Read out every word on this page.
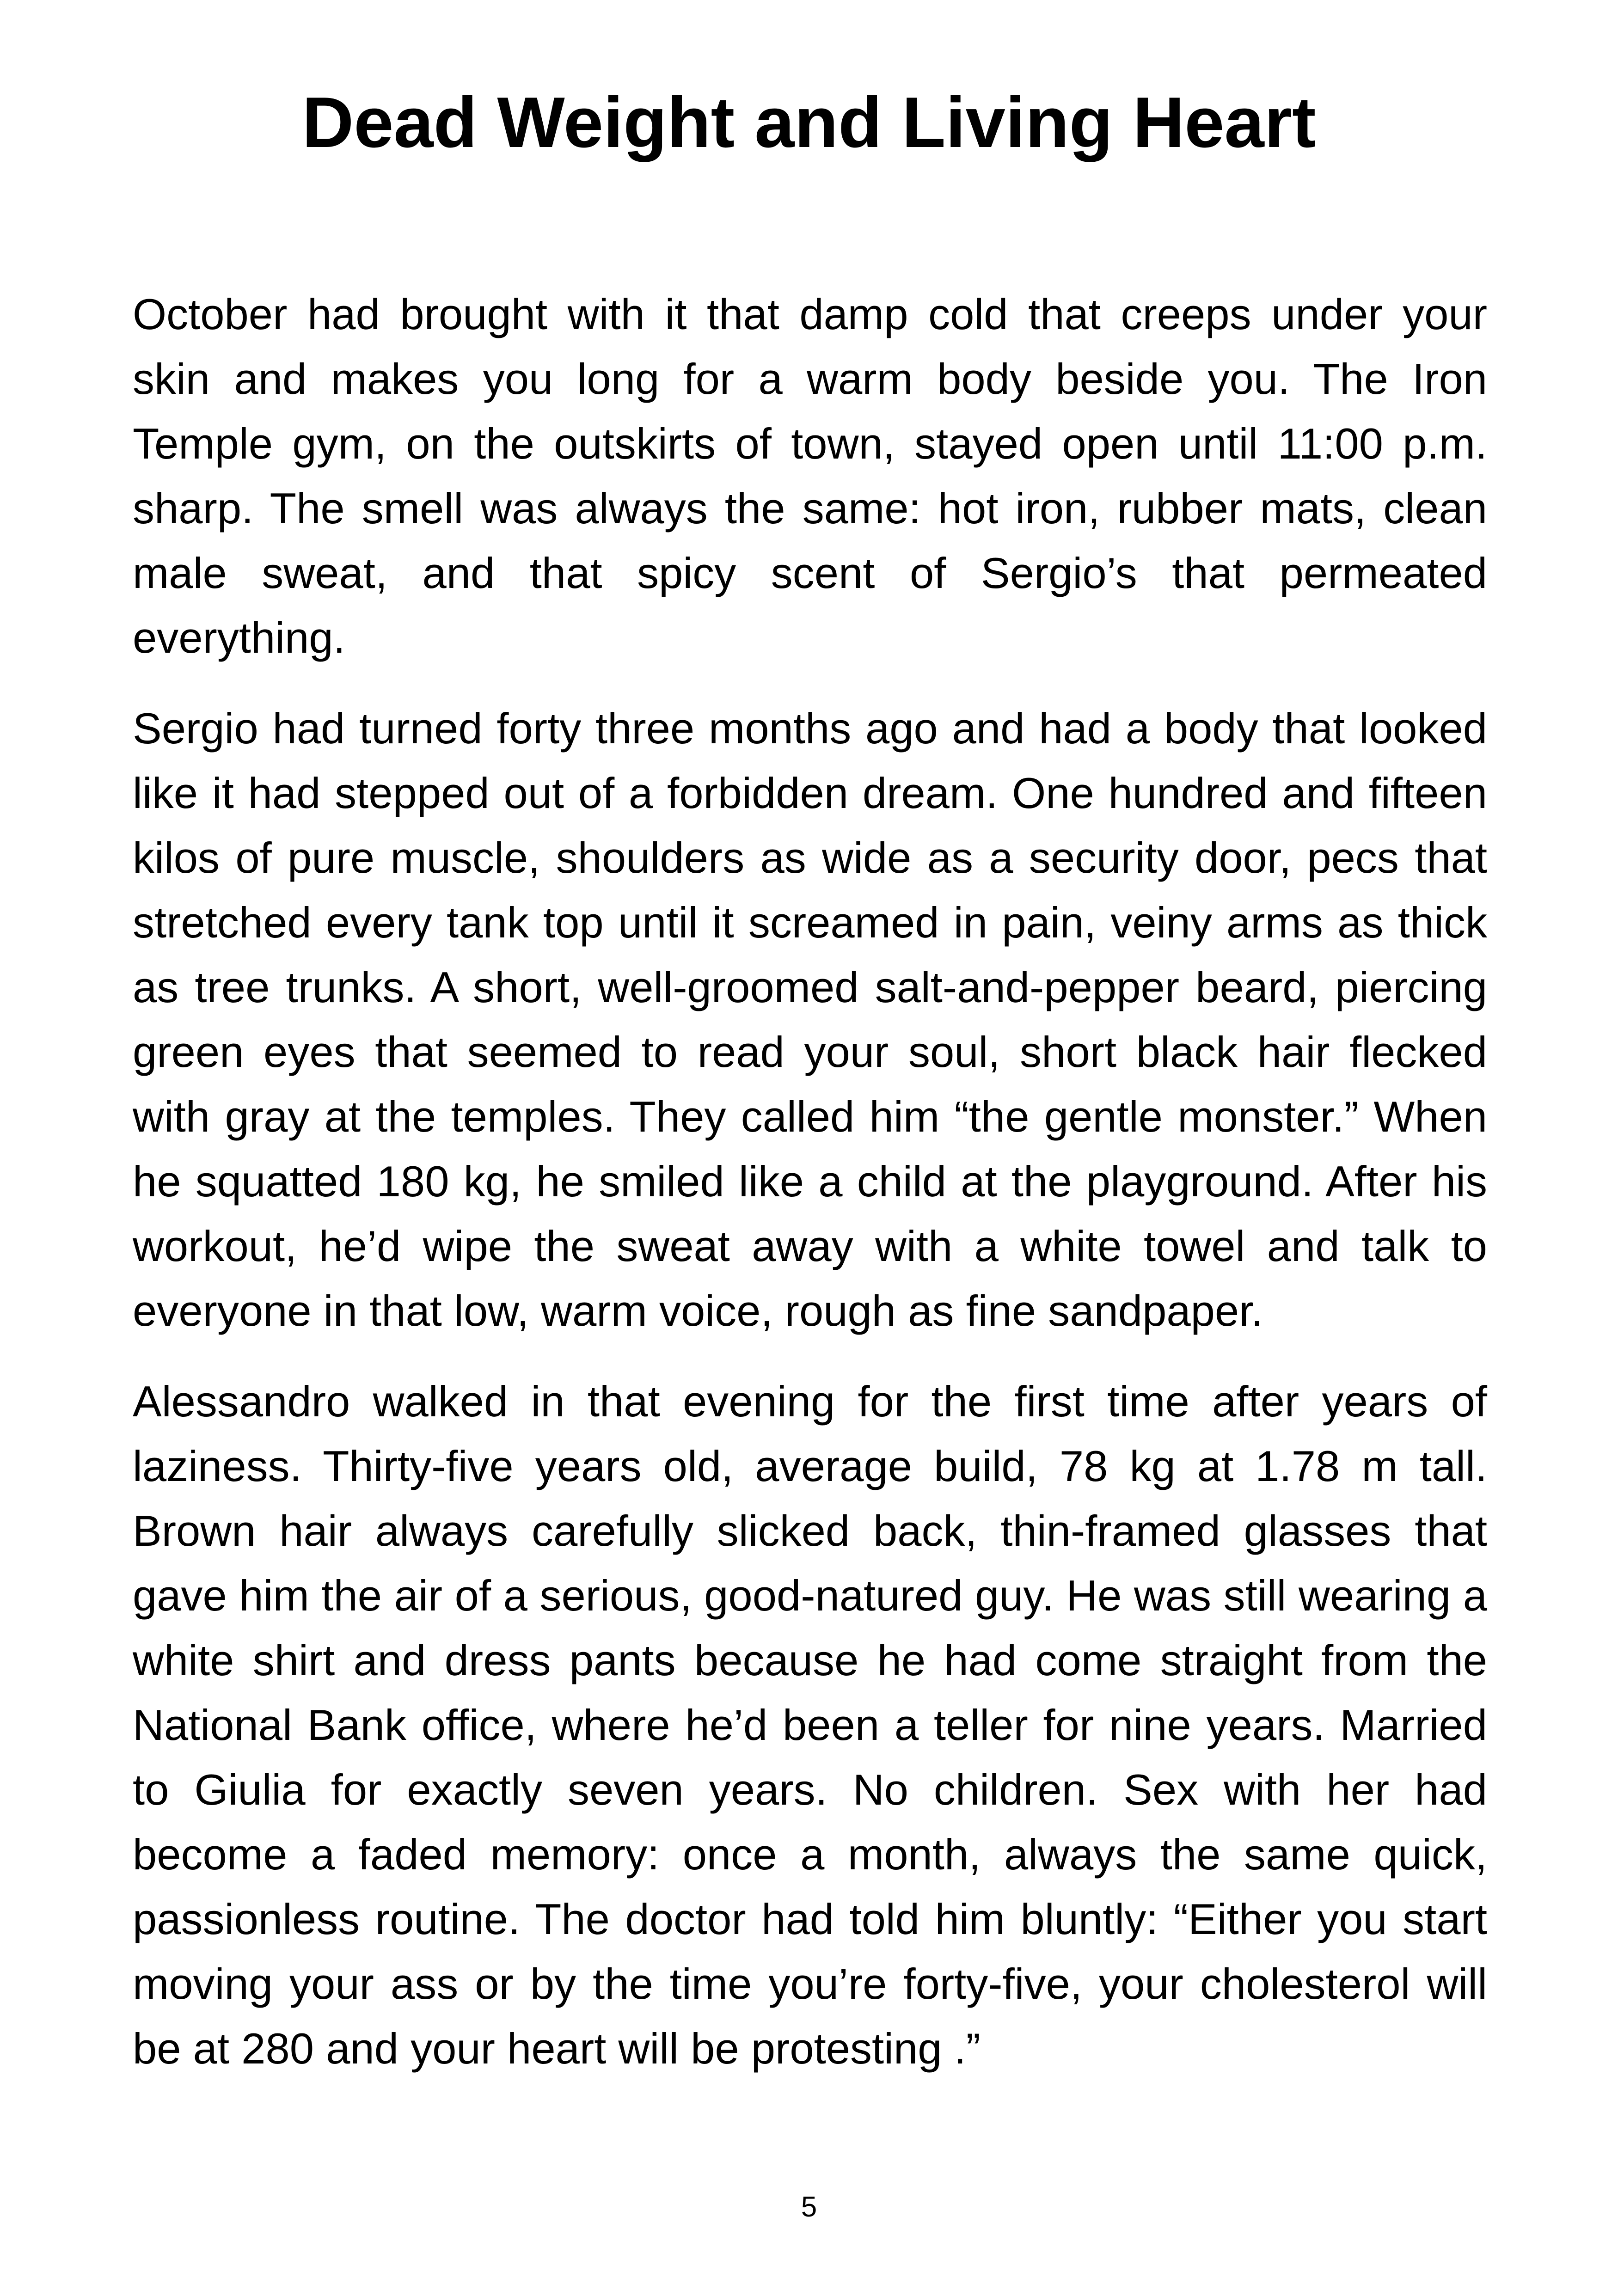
Dead Weight and Living Heart

October had brought with it that damp cold that creeps under your skin and makes you long for a warm body beside you. The Iron Temple gym, on the outskirts of town, stayed open until 11:00 p.m. sharp. The smell was always the same: hot iron, rubber mats, clean male sweat, and that spicy scent of Sergio’s that permeated everything.

Sergio had turned forty three months ago and had a body that looked like it had stepped out of a forbidden dream. One hundred and fifteen kilos of pure muscle, shoulders as wide as a security door, pecs that stretched every tank top until it screamed in pain, veiny arms as thick as tree trunks. A short, well-groomed salt-and-pepper beard, piercing green eyes that seemed to read your soul, short black hair flecked with gray at the temples. They called him “the gentle monster.” When he squatted 180 kg, he smiled like a child at the playground. After his workout, he’d wipe the sweat away with a white towel and talk to everyone in that low, warm voice, rough as fine sandpaper.

Alessandro walked in that evening for the first time after years of laziness. Thirty-five years old, average build, 78 kg at 1.78 m tall. Brown hair always carefully slicked back, thin-framed glasses that gave him the air of a serious, good-natured guy. He was still wearing a white shirt and dress pants because he had come straight from the National Bank office, where he’d been a teller for nine years. Married to Giulia for exactly seven years. No children. Sex with her had become a faded memory: once a month, always the same quick, passionless routine. The doctor had told him bluntly: “Either you start moving your ass or by the time you’re forty-five, your cholesterol will be at 280 and your heart will be protesting .”

5
